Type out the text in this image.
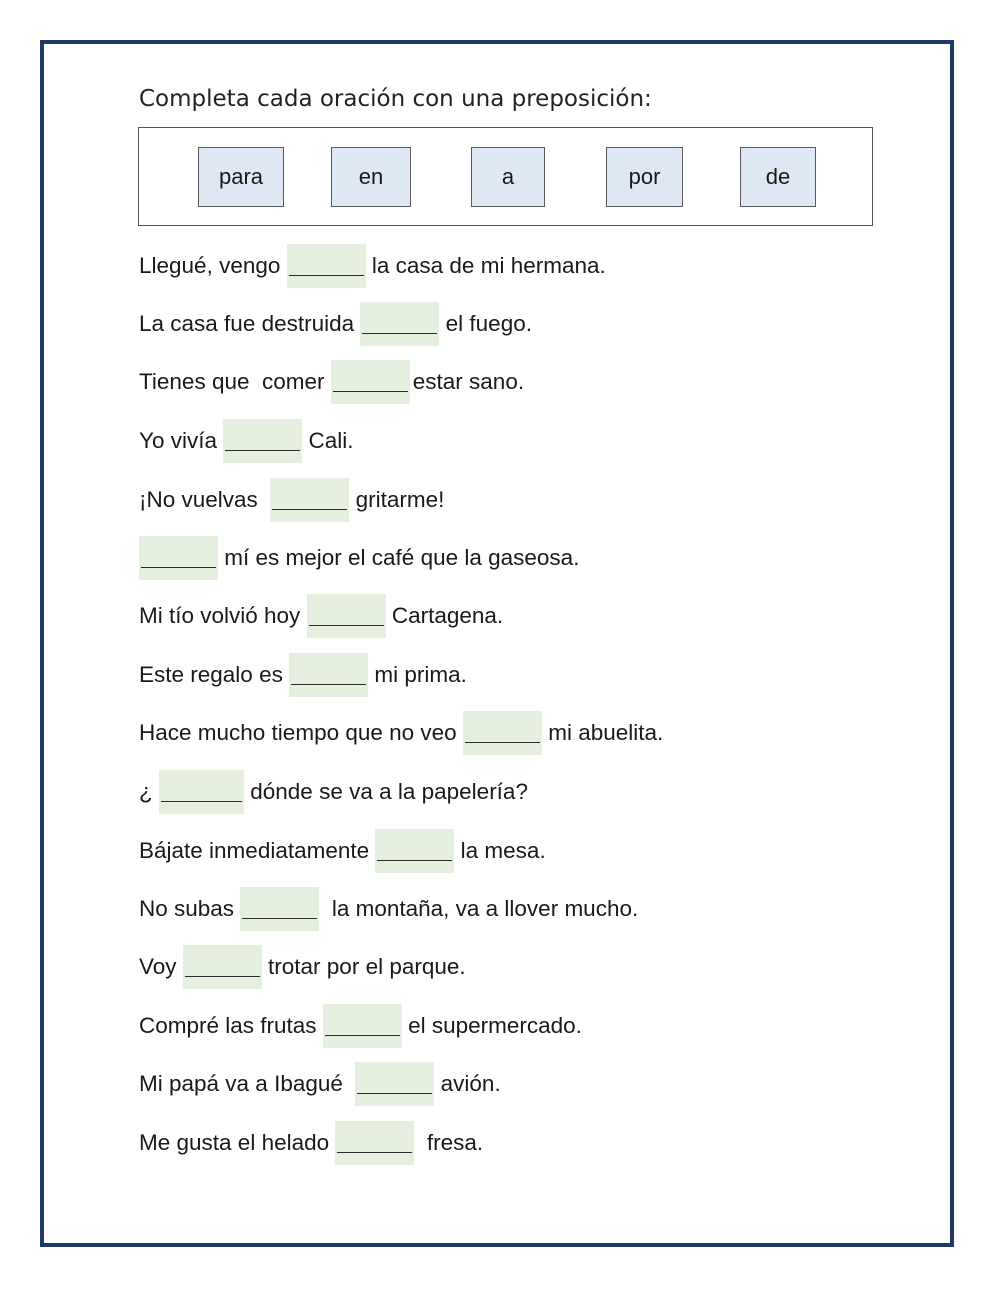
Completa cada oración con una preposición:
para	en	a	por	de
Llegué, vengo	la casa de mi hermana.
La casa fue destruida	el fuego.
Tienes que  comer	estar sano.
Yo vivía	Cali.
¡No vuelvas	gritarme!
mí es mejor el café que la gaseosa.
Mi tío volvió hoy	Cartagena.
Este regalo es	mi prima.
Hace mucho tiempo que no veo	mi abuelita.
¿	dónde se va a la papelería?
Bájate inmediatamente	la mesa.
No subas	la montaña, va a llover mucho.
Voy	trotar por el parque.
Compré las frutas	el supermercado.
Mi papá va a Ibagué	avión.
Me gusta el helado	fresa.
